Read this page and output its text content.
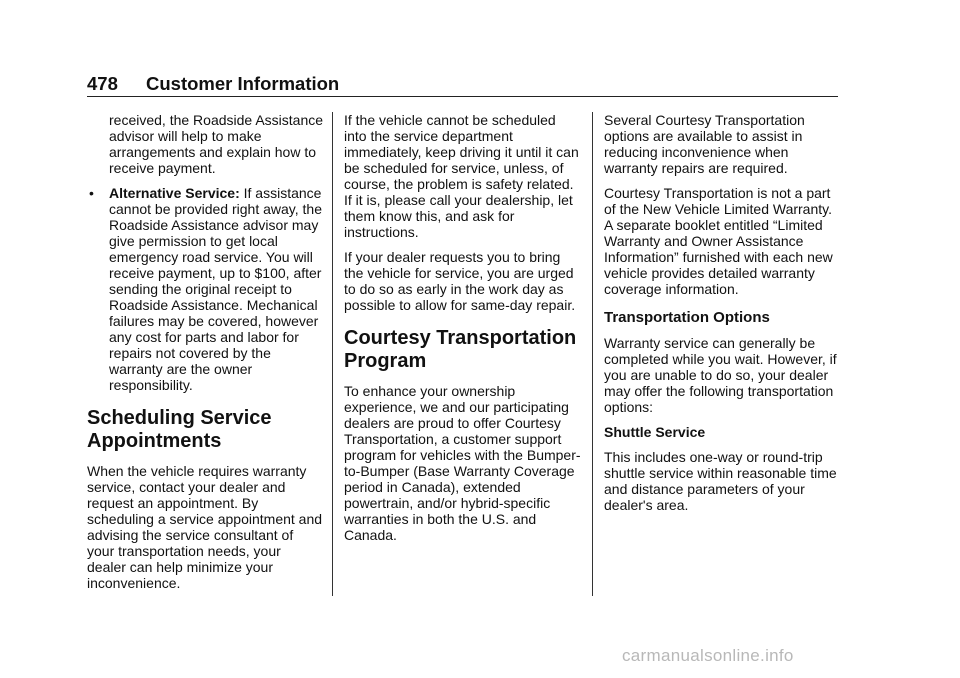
478 Customer Information

received, the Roadside Assistance advisor will help to make arrangements and explain how to receive payment.

• Alternative Service: If assistance cannot be provided right away, the Roadside Assistance advisor may give permission to get local emergency road service. You will receive payment, up to $100, after sending the original receipt to Roadside Assistance. Mechanical failures may be covered, however any cost for parts and labor for repairs not covered by the warranty are the owner responsibility.

Scheduling Service Appointments

When the vehicle requires warranty service, contact your dealer and request an appointment. By scheduling a service appointment and advising the service consultant of your transportation needs, your dealer can help minimize your inconvenience.

If the vehicle cannot be scheduled into the service department immediately, keep driving it until it can be scheduled for service, unless, of course, the problem is safety related. If it is, please call your dealership, let them know this, and ask for instructions.

If your dealer requests you to bring the vehicle for service, you are urged to do so as early in the work day as possible to allow for same-day repair.

Courtesy Transportation Program

To enhance your ownership experience, we and our participating dealers are proud to offer Courtesy Transportation, a customer support program for vehicles with the Bumper-to-Bumper (Base Warranty Coverage period in Canada), extended powertrain, and/or hybrid-specific warranties in both the U.S. and Canada.

Several Courtesy Transportation options are available to assist in reducing inconvenience when warranty repairs are required.

Courtesy Transportation is not a part of the New Vehicle Limited Warranty. A separate booklet entitled “Limited Warranty and Owner Assistance Information” furnished with each new vehicle provides detailed warranty coverage information.

Transportation Options

Warranty service can generally be completed while you wait. However, if you are unable to do so, your dealer may offer the following transportation options:

Shuttle Service

This includes one-way or round-trip shuttle service within reasonable time and distance parameters of your dealer's area.

carmanualsonline.info
